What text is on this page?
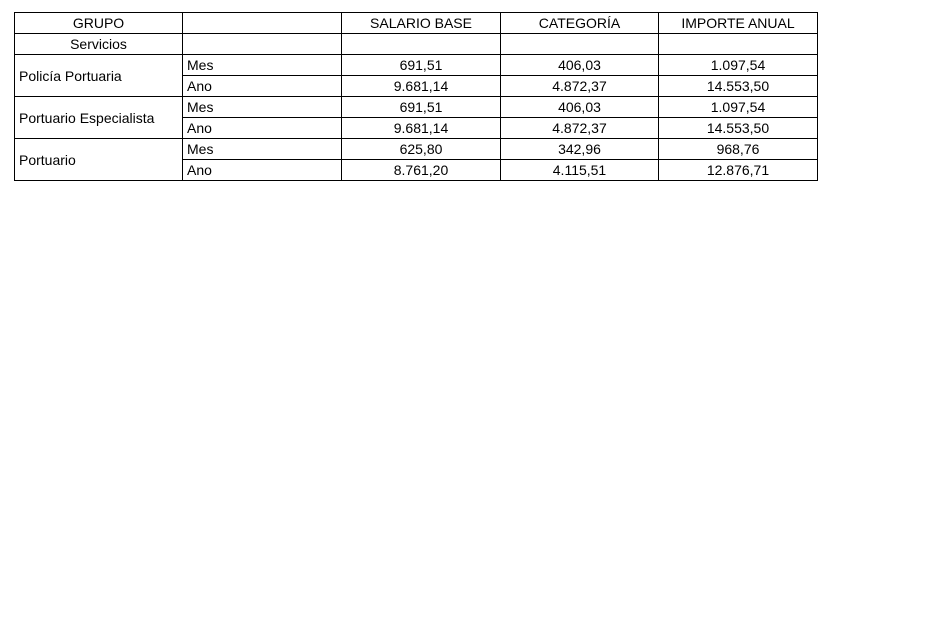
GRUPO		SALARIO BASE	CATEGORÍA	IMPORTE ANUAL
Servicios				
Policía Portuaria	Mes	691,51	406,03	1.097,54
	Ano	9.681,14	4.872,37	14.553,50
Portuario Especialista	Mes	691,51	406,03	1.097,54
	Ano	9.681,14	4.872,37	14.553,50
Portuario	Mes	625,80	342,96	968,76
	Ano	8.761,20	4.115,51	12.876,71
